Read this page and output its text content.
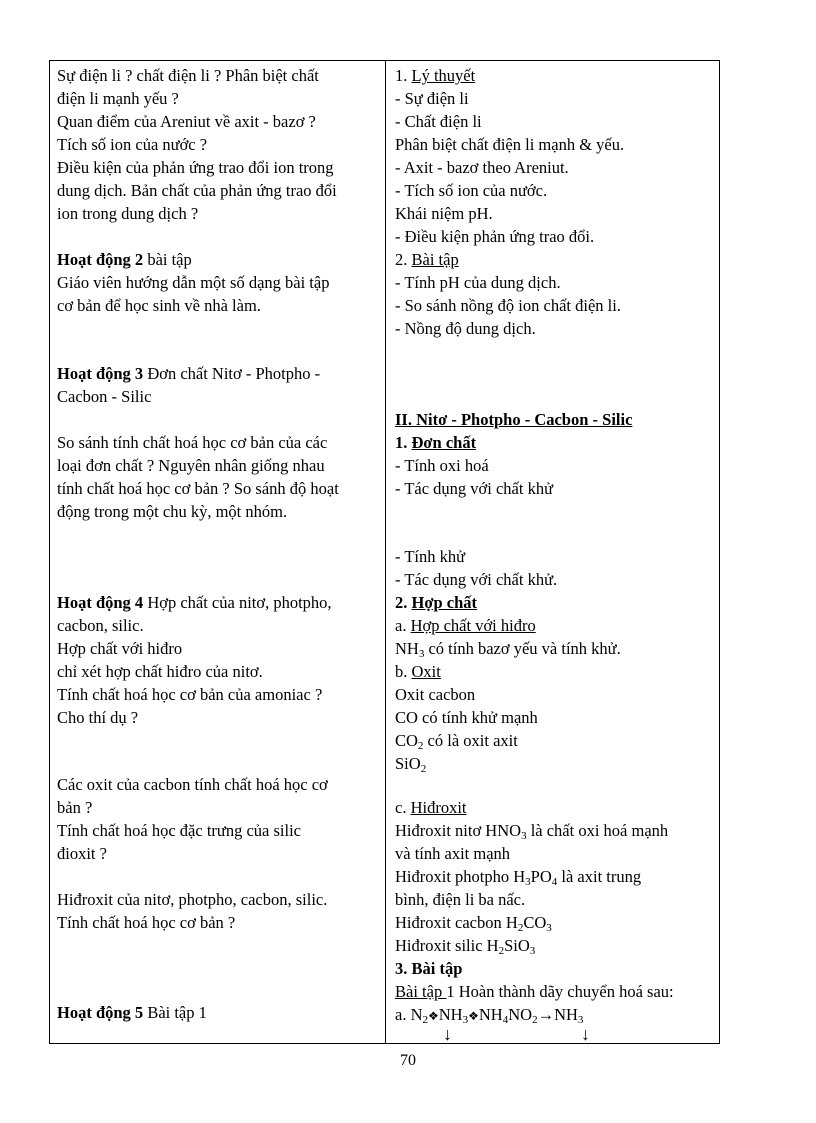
Sự điện li ? chất điện li ? Phân biệt chất
điện li mạnh yếu ?
Quan điểm của Areniut về axit - bazơ ?
Tích số ion của nước ?
Điều kiện của phản ứng trao đổi ion trong
dung dịch. Bản chất của phản ứng trao đổi
ion trong dung dịch ?
Hoạt động 2 bài tập
Giáo viên hướng dẫn một số dạng bài tập
cơ bản để học sinh về nhà làm.
Hoạt động 3 Đơn chất Nitơ - Photpho -
Cacbon - Silic
So sánh tính chất hoá học cơ bản của các
loại đơn chất ? Nguyên nhân giống nhau
tính chất hoá học cơ bản ? So sánh độ hoạt
động trong một chu kỳ, một nhóm.
Hoạt động 4 Hợp chất của nitơ, photpho,
cacbon, silic.
Hợp chất với hiđro
chỉ xét hợp chất hiđro của nitơ.
Tính chất hoá học cơ bản của amoniac ?
Cho thí dụ ?
Các oxit của cacbon tính chất hoá học cơ
bản ?
Tính chất hoá học đặc trưng của silic
đioxit ?
Hiđroxit của nitơ, photpho, cacbon, silic.
Tính chất hoá học cơ bản ?
Hoạt động 5 Bài tập 1
1. Lý thuyết
- Sự điện li
- Chất điện li
Phân biệt chất điện li mạnh & yếu.
- Axit - bazơ theo Areniut.
- Tích số ion của nước.
Khái niệm pH.
- Điều kiện phản ứng trao đổi.
2. Bài tập
- Tính pH của dung dịch.
- So sánh nồng độ ion chất điện li.
- Nồng độ dung dịch.
II. Nitơ - Photpho - Cacbon - Silic
1. Đơn chất
- Tính oxi hoá
- Tác dụng với chất khử
- Tính khử
- Tác dụng với chất khử.
2. Hợp chất
a. Hợp chất với hiđro
$NH_3$ có tính bazơ yếu và tính khử.
b. Oxit
Oxit cacbon
CO có tính khử mạnh
$CO_2$ có là oxit axit
SiO$_2$
c. Hiđroxit
Hiđroxit nitơ $HNO_3$ là chất oxi hoá mạnh
và tính axit mạnh
Hiđroxit photpho $H_3PO_4$ là axit trung
bình, điện li ba nấc.
Hiđroxit cacbon $H_2CO_3$
Hiđroxit silic $H_2SiO_3$
3. Bài tập
Bài tập 1 Hoàn thành dãy chuyển hoá sau:
a. $N_2❖NH_3❖NH_4NO_2\to NH_3$
↓	↓
70
